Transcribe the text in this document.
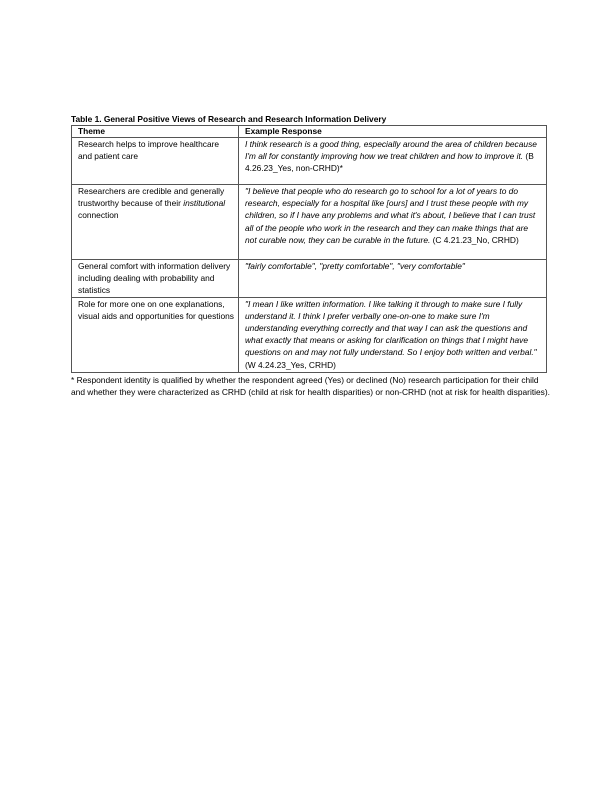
Table 1. General Positive Views of Research and Research Information Delivery
Theme	Example Response
Research helps to improve healthcare and patient care	I think research is a good thing, especially around the area of children because I'm all for constantly improving how we treat children and how to improve it. (B 4.26.23_Yes, non-CRHD)*
Researchers are credible and generally trustworthy because of their institutional connection	"I believe that people who do research go to school for a lot of years to do research, especially for a hospital like [ours] and I trust these people with my children, so if I have any problems and what it's about, I believe that I can trust all of the people who work in the research and they can make things that are not curable now, they can be curable in the future. (C 4.21.23_No, CRHD)
General comfort with information delivery including dealing with probability and statistics	"fairly comfortable", "pretty comfortable", "very comfortable"
Role for more one on one explanations, visual aids and opportunities for questions	"I mean I like written information. I like talking it through to make sure I fully understand it. I think I prefer verbally one-on-one to make sure I'm understanding everything correctly and that way I can ask the questions and what exactly that means or asking for clarification on things that I might have questions on and may not fully understand. So I enjoy both written and verbal." (W 4.24.23_Yes, CRHD)
* Respondent identity is qualified by whether the respondent agreed (Yes) or declined (No) research participation for their child and whether they were characterized as CRHD (child at risk for health disparities) or non-CRHD (not at risk for health disparities).
